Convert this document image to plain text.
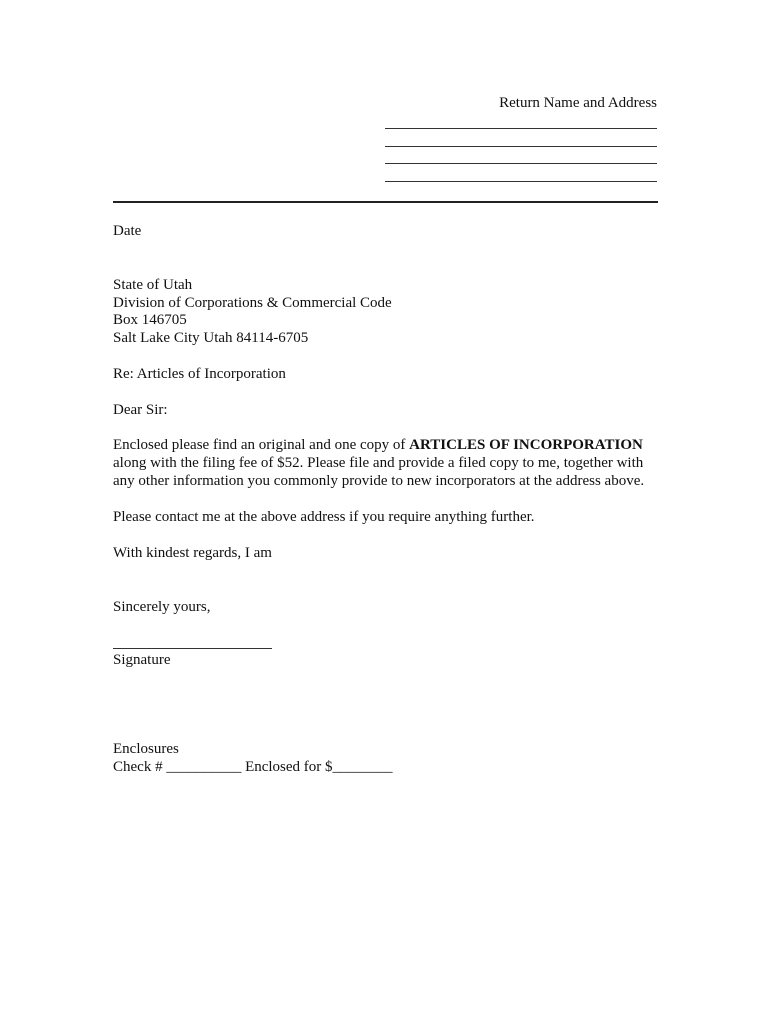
Return Name and Address
Date
State of Utah
Division of Corporations & Commercial Code
Box 146705
Salt Lake City Utah 84114-6705
Re: Articles of Incorporation
Dear Sir:
Enclosed please find an original and one copy of ARTICLES OF INCORPORATION
along with the filing fee of $52. Please file and provide a filed copy to me, together with
any other information you commonly provide to new incorporators at the address above.
Please contact me at the above address if you require anything further.
With kindest regards, I am
Sincerely yours,
Signature
Enclosures
Check # __________ Enclosed for $________
